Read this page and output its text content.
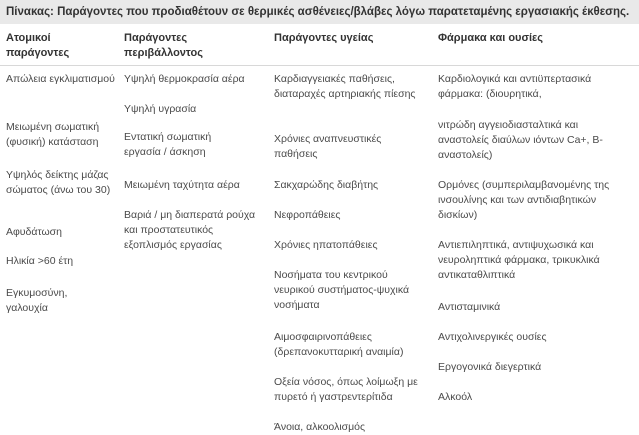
Πίνακας: Παράγοντες που προδιαθέτουν σε θερμικές ασθένειες/βλάβες λόγω παρατεταμένης εργασιακής έκθεσης.
Ατομικοί παράγοντες
Παράγοντες περιβάλλοντος
Παράγοντες υγείας	Φάρμακα και ουσίες
Απώλεια εγκλιματισμού
Μειωμένη σωματική (φυσική) κατάσταση
Υψηλός δείκτης μάζας σώματος (άνω του 30)
Αφυδάτωση
Ηλικία >60 έτη
Εγκυμοσύνη, γαλουχία
Υψηλή θερμοκρασία αέρα
Υψηλή υγρασία
Εντατική σωματική εργασία / άσκηση
Μειωμένη ταχύτητα αέρα
Βαριά / μη διαπερατά ρούχα και προστατευτικός εξοπλισμός εργασίας
Καρδιαγγειακές παθήσεις, διαταραχές αρτηριακής πίεσης
Χρόνιες αναπνευστικές παθήσεις
Σακχαρώδης διαβήτης
Νεφροπάθειες
Χρόνιες ηπατοπάθειες
Νοσήματα του κεντρικού νευρικού συστήματος-ψυχικά νοσήματα
Αιμοσφαιρινοπάθειες (δρεπανοκυτταρική αναιμία)
Οξεία νόσος, όπως λοίμωξη με πυρετό ή γαστρεντερίτιδα
Άνοια, αλκοολισμός
Καρδιολογικά και αντιϋπερτασικά φάρμακα: (διουρητικά,
νιτρώδη αγγειοδιασταλτικά και αναστολείς διαύλων ιόντων Ca+, Β-αναστολείς)
Ορμόνες (συμπεριλαμβανομένης της ινσουλίνης και των αντιδιαβητικών δισκίων)
Αντιεπιληπτικά, αντιψυχωσικά και νευροληπτικά φάρμακα, τρικυκλικά αντικαταθλιπτικά
Αντισταμινικά
Αντιχολινεργικές ουσίες
Εργογονικά διεγερτικά
Αλκοόλ
